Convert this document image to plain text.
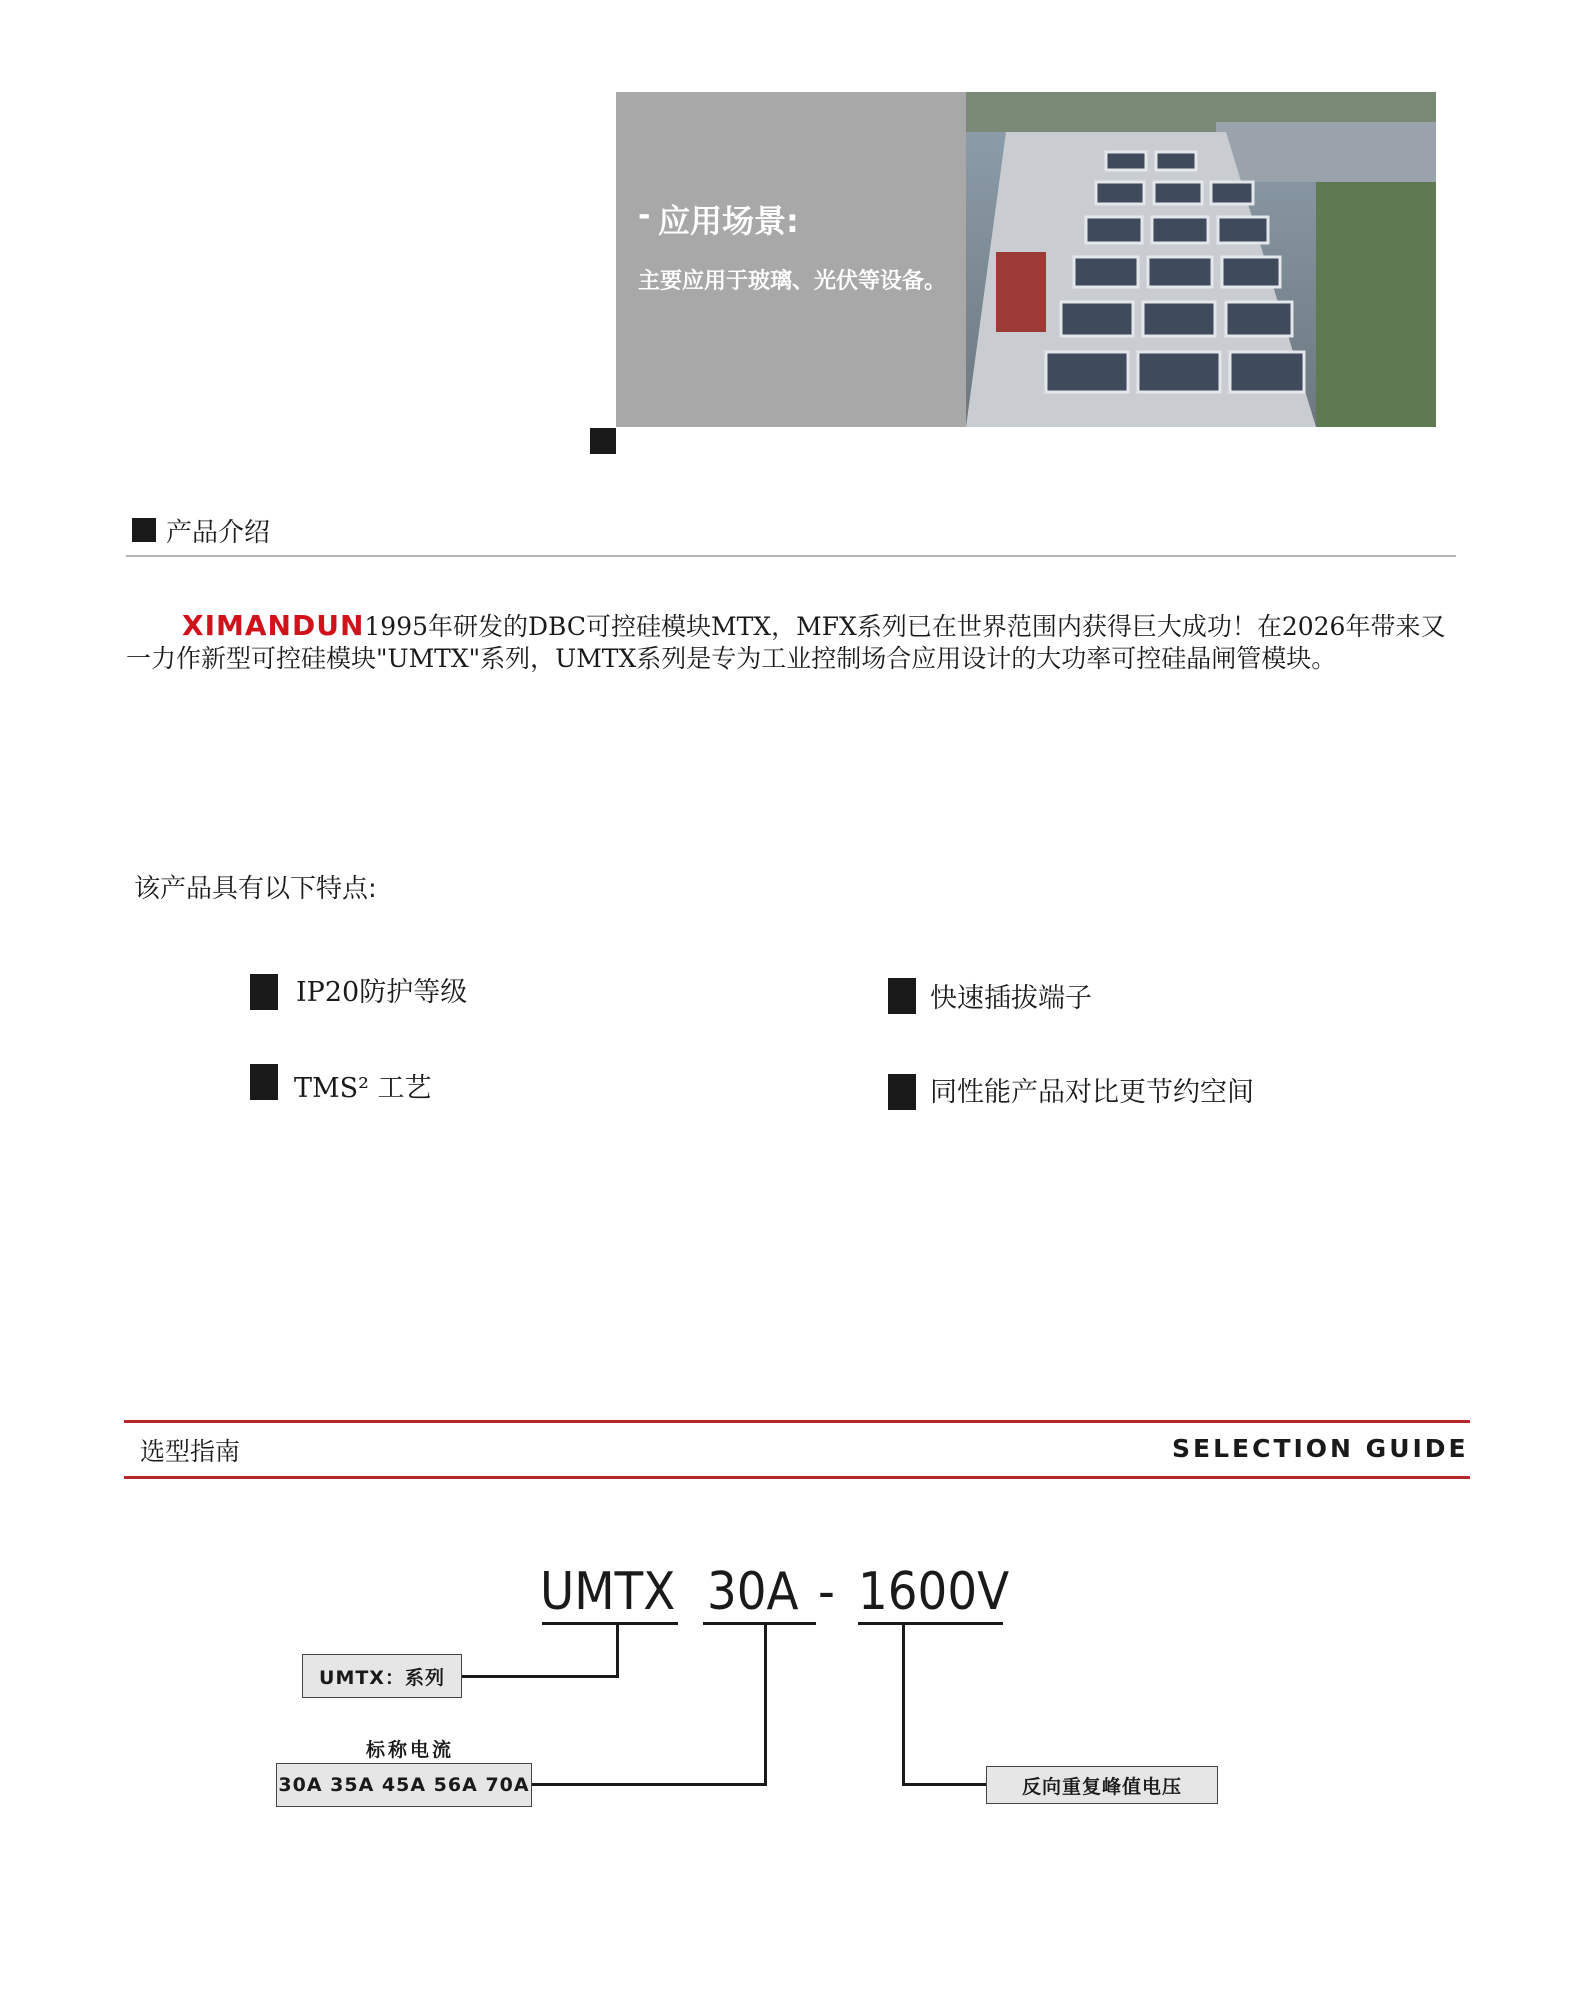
- 应用场景:
主要应用于玻璃、光伏等设备。
产品介绍
XIMANDUN1995年研发的DBC可控硅模块MTX，MFX系列已在世界范围内获得巨大成功！在2026年带来又一力作新型可控硅模块"UMTX"系列，UMTX系列是专为工业控制场合应用设计的大功率可控硅晶闸管模块。
该产品具有以下特点:
IP20防护等级	快速插拔端子
TMS² 工艺	同性能产品对比更节约空间
选型指南	SELECTION GUIDE
UMTX 30A - 1600V
UMTX：系列
标称电流
30A 35A 45A 56A 70A	反向重复峰值电压
